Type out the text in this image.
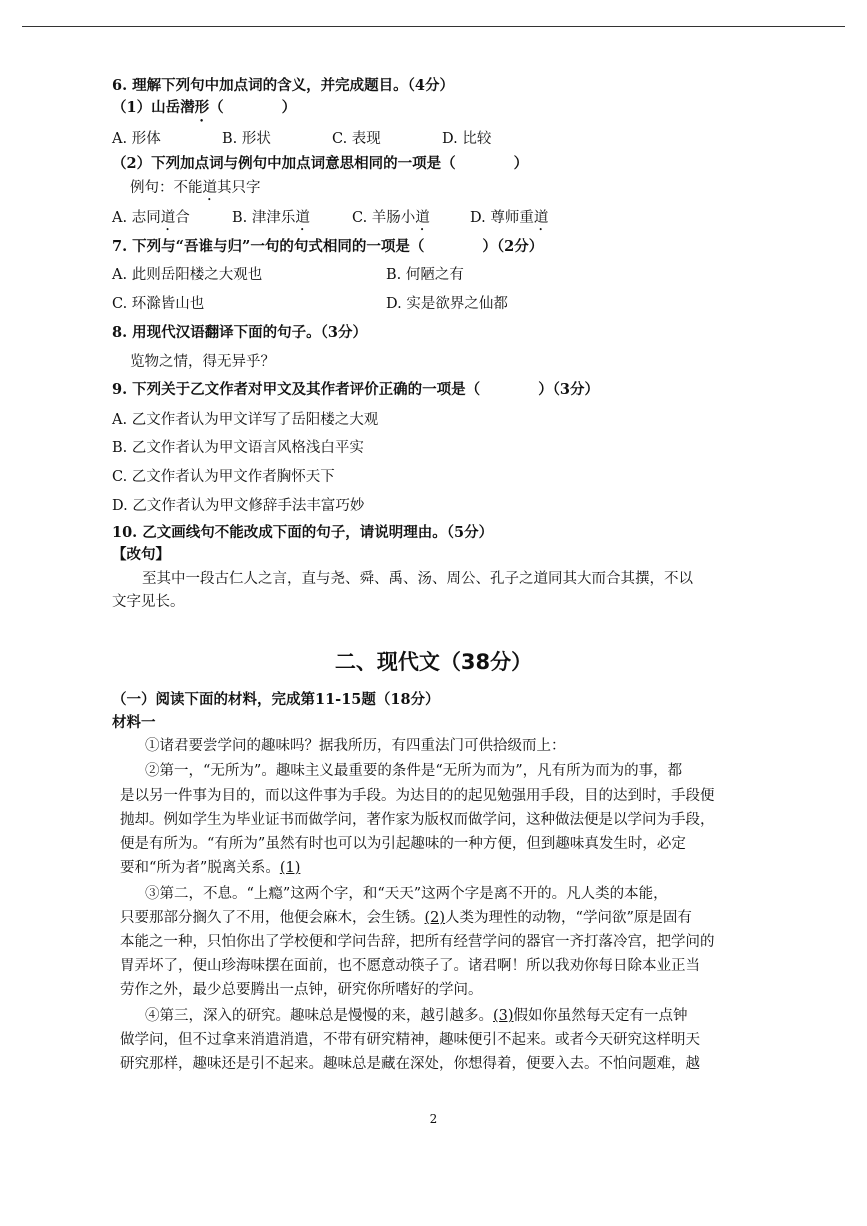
6. 理解下列句中加点词的含义，并完成题目。（4分）
（1）山岳潜形（	）
A. 形体	B. 形状	C. 表现	D. 比较
（2）下列加点词与例句中加点词意思相同的一项是（	）
例句：不能道其只字
A. 志同道合	B. 津津乐道	C. 羊肠小道	D. 尊师重道
7. 下列与“吾谁与归”一句的句式相同的一项是（	）（2分）
A. 此则岳阳楼之大观也	B. 何陋之有
C. 环滁皆山也	D. 实是欲界之仙都
8. 用现代汉语翻译下面的句子。（3分）
览物之情，得无异乎？
9. 下列关于乙文作者对甲文及其作者评价正确的一项是（	）（3分）
A. 乙文作者认为甲文详写了岳阳楼之大观
B. 乙文作者认为甲文语言风格浅白平实
C. 乙文作者认为甲文作者胸怀天下
D. 乙文作者认为甲文修辞手法丰富巧妙
10. 乙文画线句不能改成下面的句子，请说明理由。（5分）
【改句】
至其中一段古仁人之言，直与尧、舜、禹、汤、周公、孔子之道同其大而合其撰，不以
文字见长。
二、现代文（38分）
（一）阅读下面的材料，完成第11-15题（18分）
材料一
①诸君要尝学问的趣味吗？据我所历，有四重法门可供拾级而上：
②第一，“无所为”。趣味主义最重要的条件是“无所为而为”，凡有所为而为的事，都
是以另一件事为目的，而以这件事为手段。为达目的的起见勉强用手段，目的达到时，手段便
抛却。例如学生为毕业证书而做学问，著作家为版权而做学问，这种做法便是以学问为手段，
便是有所为。“有所为”虽然有时也可以为引起趣味的一种方便，但到趣味真发生时，必定
要和“所为者”脱离关系。(1)
③第二，不息。“上瘾”这两个字，和“天天”这两个字是离不开的。凡人类的本能，
只要那部分搁久了不用，他便会麻木，会生锈。(2)人类为理性的动物，“学问欲”原是固有
本能之一种，只怕你出了学校便和学问告辞，把所有经营学问的器官一齐打落冷宫，把学问的
胃弄坏了，便山珍海味摆在面前，也不愿意动筷子了。诸君啊！所以我劝你每日除本业正当
劳作之外，最少总要腾出一点钟，研究你所嗜好的学问。
④第三，深入的研究。趣味总是慢慢的来，越引越多。(3)假如你虽然每天定有一点钟
做学问，但不过拿来消遣消遣，不带有研究精神，趣味便引不起来。或者今天研究这样明天
研究那样，趣味还是引不起来。趣味总是藏在深处，你想得着，便要入去。不怕问题难，越
2
